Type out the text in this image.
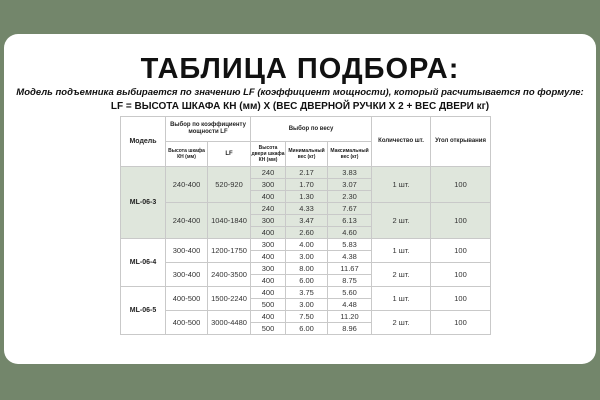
ТАБЛИЦА ПОДБОРА:
Модель подъемника выбирается по значению LF (коэффициент мощности), который расчитывается по формуле:
LF = ВЫСОТА ШКАФА КН (мм) Х (ВЕС ДВЕРНОЙ РУЧКИ Х 2 + ВЕС ДВЕРИ кг)
Модель	Выбор по коэффициенту мощности LF		Выбор по весу			Количество шт.	Угол открывания
	Высота шкафа КН (мм)	LF	Высота двери шкафа КН (мм)	Минимальный вес (кг)	Максимальный вес (кг)		
ML-06-3	240-400	520-920	240	2.17	3.83	1 шт.	100
			300	1.70	3.07		
			400	1.30	2.30		
	240-400	1040-1840	240	4.33	7.67	2 шт.	100
			300	3.47	6.13		
			400	2.60	4.60		
ML-06-4	300-400	1200-1750	300	4.00	5.83	1 шт.	100
			400	3.00	4.38		
	300-400	2400-3500	300	8.00	11.67	2 шт.	100
			400	6.00	8.75		
ML-06-5	400-500	1500-2240	400	3.75	5.60	1 шт.	100
			500	3.00	4.48		
	400-500	3000-4480	400	7.50	11.20	2 шт.	100
			500	6.00	8.96		
